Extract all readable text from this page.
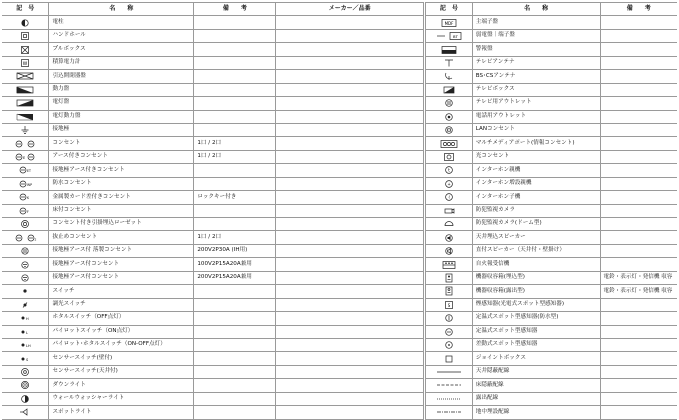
記　号	名　　称	備　　考	メーカー／品番

	電柱		

	ハンドホール		

	プルボックス		

W	積算電力計		

	引込開閉器盤		

	動力盤		

	電灯盤		

	電灯動力盤		

	接地極		

	コンセント	1口 / 2口	

E	アース付きコンセント	1口 / 2口	

ET	接地極アース付きコンセント		

WP	防水コンセント		

K	金属製カード差付きコンセント	ロックキー付き	

F	床付コンセント		

	コンセント付き引掛埋込ローゼット		

2	抜止めコンセント	1口 / 2口	

	接地極アース付 落製コンセント	200V2P30A (IH用)	

	接地極アース付コンセント	100V2P15A20A兼用	

	接地極アース付コンセント	200V2P15A20A兼用	

	スイッチ		

	調光スイッチ		

H	ホタルスイッチ（OFF点灯）		

L	パイロットスイッチ（ON点灯）		

LH	パイロット･ホタルスイッチ（ON-OFF点灯）		

S	センサースイッチ(壁付)		

	センサースイッチ(天井付)		

	ダウンライト		

	ウォールウォッシャーライト		

	スポットライト		
記　号	名　　称	備　　考

MDF	主端子盤	

BT	弱電盤｜端子盤	

	警報盤	

	テレビアンテナ	

	BS･CSアンテナ	

	テレビボックス	

	テレビ用アウトレット	

	電話用アウトレット	

	LANコンセント	

	マルチメディアポート(情報コンセント)	

	光コンセント	

t	インターホン親機	

+	インターホン増設親機	

ｲ	インターホン子機	

	防犯監視カメラ	

	防犯監視カメラ(ドーム型)	

	天井埋込スピーカー	

	直付スピーカー（天井付・壁掛け）	

	自火報受信機	

	機器収容箱(埋込型)	電鈴・表示灯・発信機 収容

	機器収容箱(露出型)	電鈴・表示灯・発信機 収容

S	煙感知器(光電式スポット型感知器)	

	定温式スポット型感知器(防水型)	

	定温式スポット型感知器	

	差動式スポット型感知器	

	ジョイントボックス	

	天井隠蔽配線	

	床隠蔽配線	

	露出配線	

	地中埋設配線	
